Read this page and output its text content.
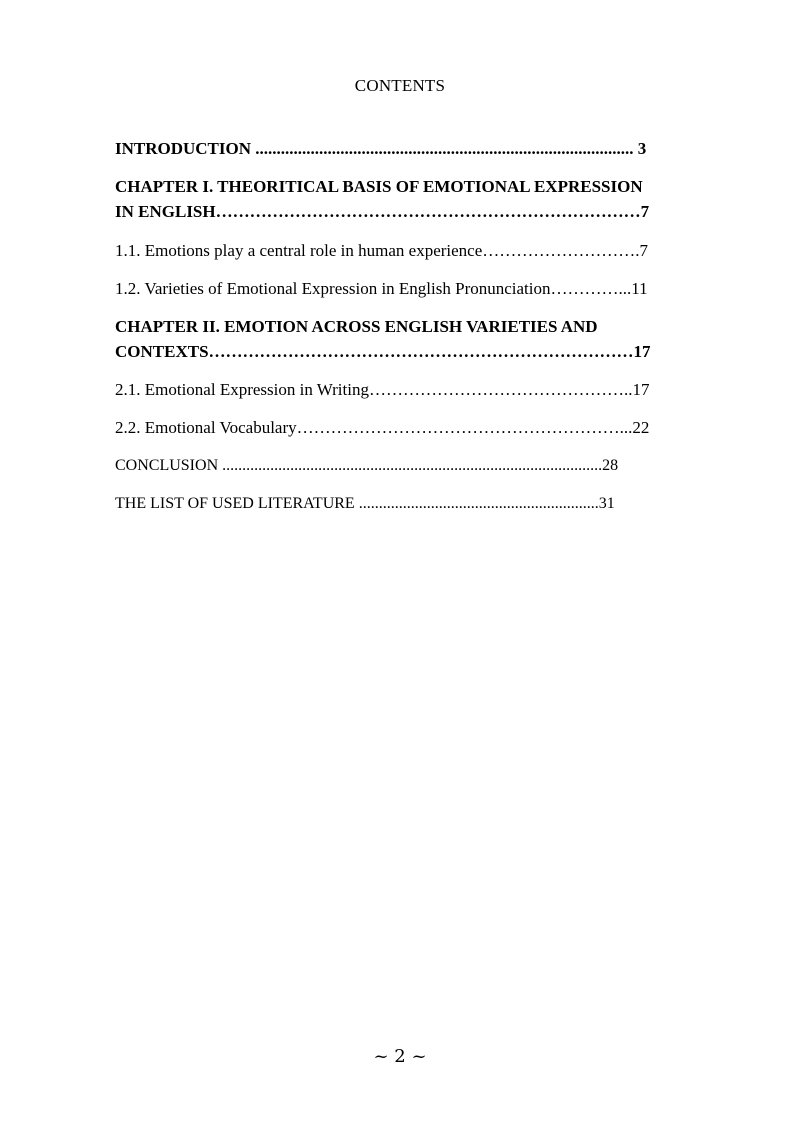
CONTENTS
INTRODUCTION ......................................................................................... 3
CHAPTER I. THEORITICAL BASIS OF EMOTIONAL EXPRESSION
IN ENGLISH…………………………………………………………………7
1.1. Emotions play a central role in human experience……………………….7
1.2. Varieties of Emotional Expression in English Pronunciation…………...11
CHAPTER II. EMOTION ACROSS ENGLISH VARIETIES AND
CONTEXTS…………………………………………………………………17
2.1. Emotional Expression in Writing………………………………………..17
2.2. Emotional Vocabulary…………………………………………………...22
CONCLUSION ...............................................................................................28
THE LIST OF USED LITERATURE ............................................................31
~ 2 ~
